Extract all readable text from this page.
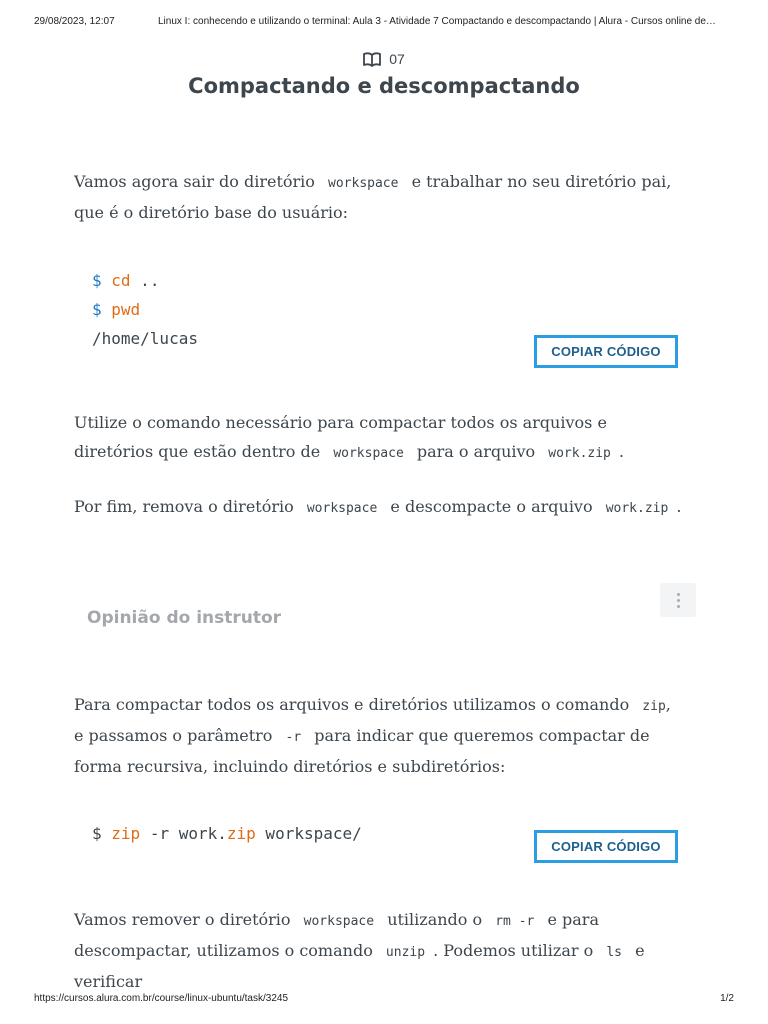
29/08/2023, 12:07	Linux I: conhecendo e utilizando o terminal: Aula 3 - Atividade 7 Compactando e descompactando | Alura - Cursos online de…
07
Compactando e descompactando

Vamos agora sair do diretório workspace e trabalhar no seu diretório pai, que é o diretório base do usuário:

$ cd ..
$ pwd
/home/lucas
COPIAR CÓDIGO

Utilize o comando necessário para compactar todos os arquivos e diretórios que estão dentro de workspace para o arquivo work.zip .

Por fim, remova o diretório workspace e descompacte o arquivo work.zip .

Opinião do instrutor

Para compactar todos os arquivos e diretórios utilizamos o comando zip, e passamos o parâmetro -r para indicar que queremos compactar de forma recursiva, incluindo diretórios e subdiretórios:

$ zip -r work.zip workspace/
COPIAR CÓDIGO

Vamos remover o diretório workspace utilizando o rm -r e para descompactar, utilizamos o comando unzip . Podemos utilizar o ls e verificar

https://cursos.alura.com.br/course/linux-ubuntu/task/3245	1/2
